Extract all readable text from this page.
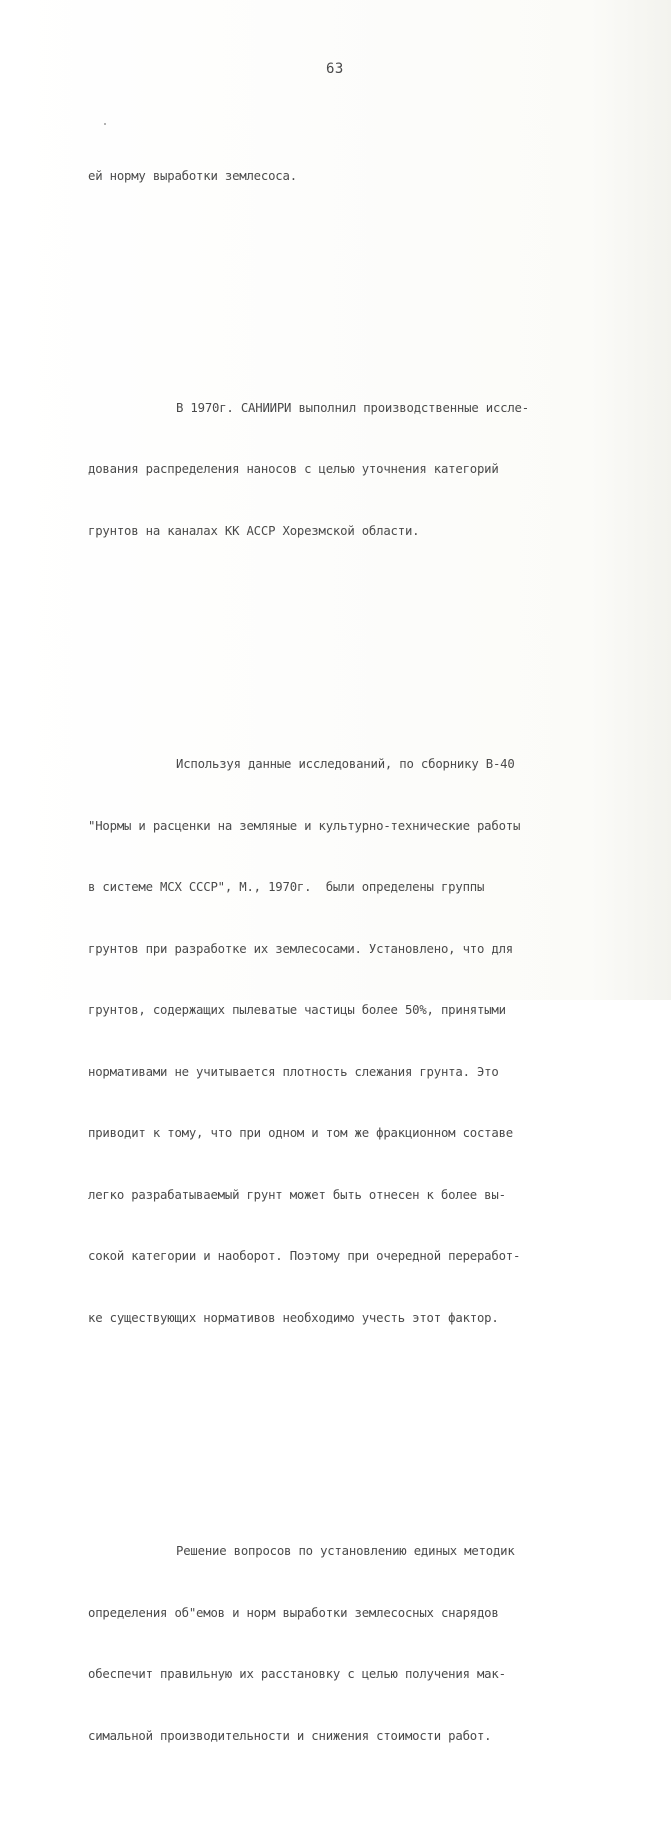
63

ей норму выработки землесоса.

В 1970г. САНИИРИ выполнил производственные иссле-

дования распределения наносов с целью уточнения категорий

грунтов на каналах КК АССР Хорезмской области.

Используя данные исследований, по сборнику В-40

"Нормы и расценки на земляные и культурно-технические работы

в системе МСХ СССР", М., 1970г.  были определены группы

грунтов при разработке их землесосами. Установлено, что для

грунтов, содержащих пылеватые частицы более 50%, принятыми

нормативами не учитывается плотность слежания грунта. Это

приводит к тому, что при одном и том же фракционном составе

легко разрабатываемый грунт может быть отнесен к более вы-

сокой категории и наоборот. Поэтому при очередной переработ-

ке существующих нормативов необходимо учесть этот фактор.

Решение вопросов по установлению единых методик

определения об"емов и норм выработки землесосных снарядов

обеспечит правильную их расстановку с целью получения мак-

симальной производительности и снижения стоимости работ.
